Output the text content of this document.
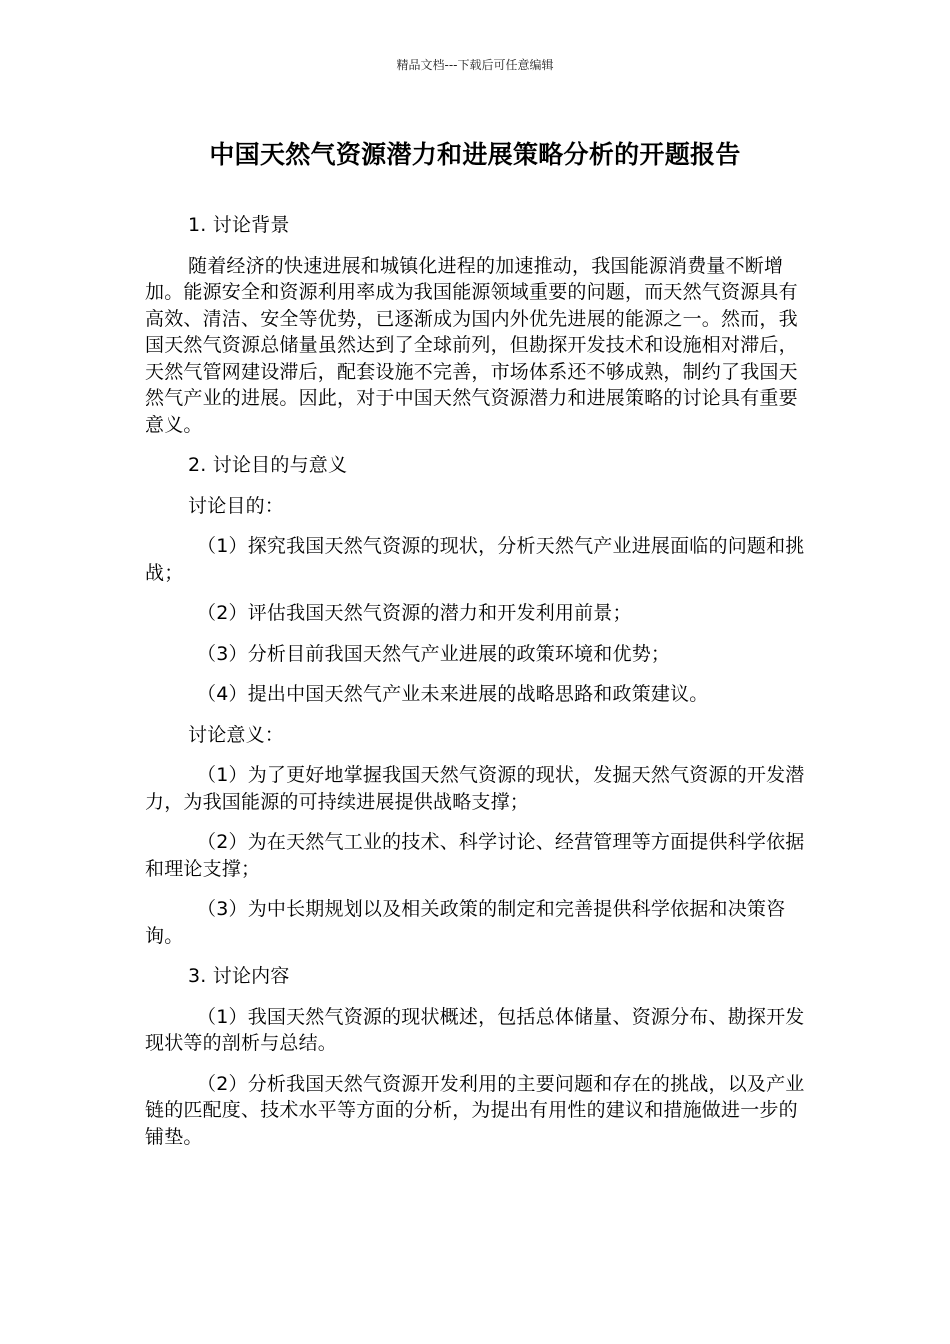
精品文档---下载后可任意编辑
中国天然气资源潜力和进展策略分析的开题报告

1. 讨论背景

随着经济的快速进展和城镇化进程的加速推动，我国能源消费量不断增加。能源安全和资源利用率成为我国能源领域重要的问题，而天然气资源具有高效、清洁、安全等优势，已逐渐成为国内外优先进展的能源之一。然而，我国天然气资源总储量虽然达到了全球前列，但勘探开发技术和设施相对滞后，天然气管网建设滞后，配套设施不完善，市场体系还不够成熟，制约了我国天然气产业的进展。因此，对于中国天然气资源潜力和进展策略的讨论具有重要意义。

2. 讨论目的与意义

讨论目的：

（1）探究我国天然气资源的现状，分析天然气产业进展面临的问题和挑战；

（2）评估我国天然气资源的潜力和开发利用前景；

（3）分析目前我国天然气产业进展的政策环境和优势；

（4）提出中国天然气产业未来进展的战略思路和政策建议。

讨论意义：

（1）为了更好地掌握我国天然气资源的现状，发掘天然气资源的开发潜力，为我国能源的可持续进展提供战略支撑；

（2）为在天然气工业的技术、科学讨论、经营管理等方面提供科学依据和理论支撑；

（3）为中长期规划以及相关政策的制定和完善提供科学依据和决策咨询。

3. 讨论内容

（1）我国天然气资源的现状概述，包括总体储量、资源分布、勘探开发现状等的剖析与总结。

（2）分析我国天然气资源开发利用的主要问题和存在的挑战，以及产业链的匹配度、技术水平等方面的分析，为提出有用性的建议和措施做进一步的铺垫。
